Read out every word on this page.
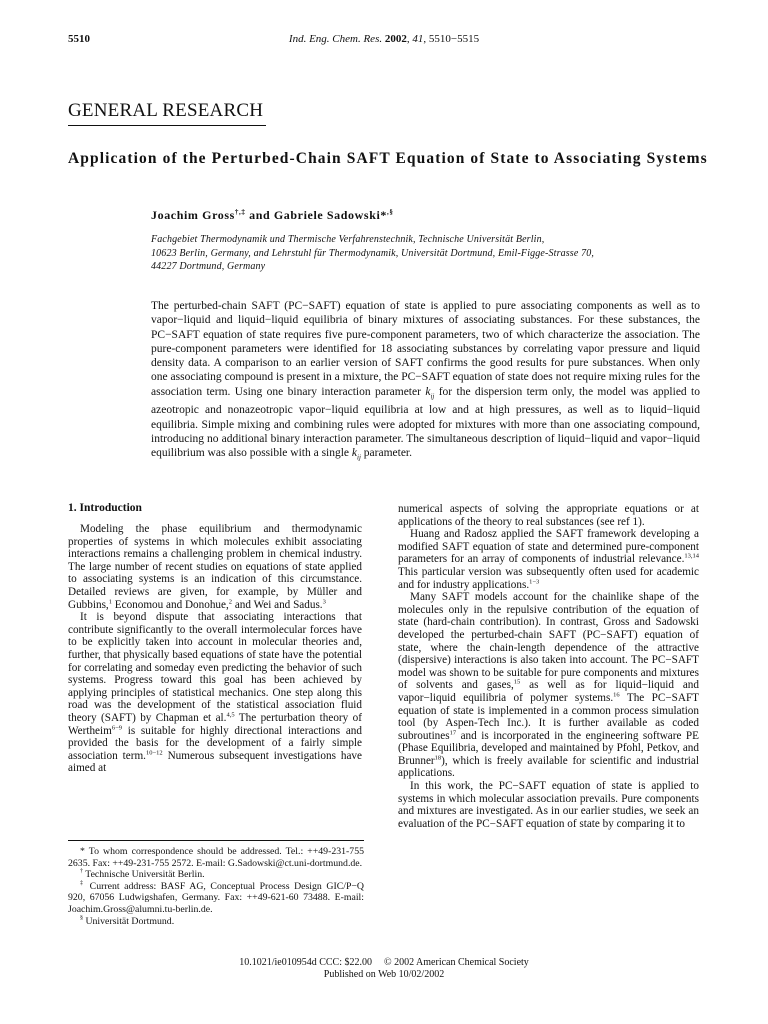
5510	Ind. Eng. Chem. Res. 2002, 41, 5510−5515
GENERAL RESEARCH
Application of the Perturbed-Chain SAFT Equation of State to Associating Systems
Joachim Gross†,‡ and Gabriele Sadowski*,§
Fachgebiet Thermodynamik und Thermische Verfahrenstechnik, Technische Universität Berlin,
10623 Berlin, Germany, and Lehrstuhl für Thermodynamik, Universität Dortmund, Emil-Figge-Strasse 70,
44227 Dortmund, Germany
The perturbed-chain SAFT (PC−SAFT) equation of state is applied to pure associating components as well as to vapor−liquid and liquid−liquid equilibria of binary mixtures of associating substances. For these substances, the PC−SAFT equation of state requires five pure-component parameters, two of which characterize the association. The pure-component parameters were identified for 18 associating substances by correlating vapor pressure and liquid density data. A comparison to an earlier version of SAFT confirms the good results for pure substances. When only one associating compound is present in a mixture, the PC−SAFT equation of state does not require mixing rules for the association term. Using one binary interaction parameter $k_{ij}$ for the dispersion term only, the model was applied to azeotropic and nonazeotropic vapor−liquid equilibria at low and at high pressures, as well as to liquid−liquid equilibria. Simple mixing and combining rules were adopted for mixtures with more than one associating compound, introducing no additional binary interaction parameter. The simultaneous description of liquid−liquid and vapor−liquid equilibrium was also possible with a single $k_{ij}$ parameter.
1. Introduction

Modeling the phase equilibrium and thermodynamic properties of systems in which molecules exhibit associating interactions remains a challenging problem in chemical industry. The large number of recent studies on equations of state applied to associating systems is an indication of this circumstance. Detailed reviews are given, for example, by Müller and Gubbins,$^1$ Economou and Donohue,$^2$ and Wei and Sadus.$^3$

It is beyond dispute that associating interactions that contribute significantly to the overall intermolecular forces have to be explicitly taken into account in molecular theories and, further, that physically based equations of state have the potential for correlating and someday even predicting the behavior of such systems. Progress toward this goal has been achieved by applying principles of statistical mechanics. One step along this road was the development of the statistical association fluid theory (SAFT) by Chapman et al.$^{4,5}$ The perturbation theory of Wertheim$^{6-9}$ is suitable for highly directional interactions and provided the basis for the development of a fairly simple association term.$^{10-12}$ Numerous subsequent investigations have aimed at

* To whom correspondence should be addressed. Tel.: ++49-231-755 2635. Fax: ++49-231-755 2572. E-mail: G.Sadowski@ct.uni-dortmund.de.

† Technische Universität Berlin.

‡ Current address: BASF AG, Conceptual Process Design GIC/P−Q 920, 67056 Ludwigshafen, Germany. Fax: ++49-621-60 73488. E-mail: Joachim.Gross@alumni.tu-berlin.de.

§ Universität Dortmund.

numerical aspects of solving the appropriate equations or at applications of the theory to real substances (see ref 1).

Huang and Radosz applied the SAFT framework developing a modified SAFT equation of state and determined pure-component parameters for an array of components of industrial relevance.$^{13,14}$ This particular version was subsequently often used for academic and for industry applications.$^{1-3}$

Many SAFT models account for the chainlike shape of the molecules only in the repulsive contribution of the equation of state (hard-chain contribution). In contrast, Gross and Sadowski developed the perturbed-chain SAFT (PC−SAFT) equation of state, where the chain-length dependence of the attractive (dispersive) interactions is also taken into account. The PC−SAFT model was shown to be suitable for pure components and mixtures of solvents and gases,$^{15}$ as well as for liquid−liquid and vapor−liquid equilibria of polymer systems.$^{16}$ The PC−SAFT equation of state is implemented in a common process simulation tool (by Aspen-Tech Inc.). It is further available as coded subroutines$^{17}$ and is incorporated in the engineering software PE (Phase Equilibria, developed and maintained by Pfohl, Petkov, and Brunner$^{18}$), which is freely available for scientific and industrial applications.

In this work, the PC−SAFT equation of state is applied to systems in which molecular association prevails. Pure components and mixtures are investigated. As in our earlier studies, we seek an evaluation of the PC−SAFT equation of state by comparing it to

10.1021/ie010954d CCC: $22.00 © 2002 American Chemical Society
Published on Web 10/02/2002
